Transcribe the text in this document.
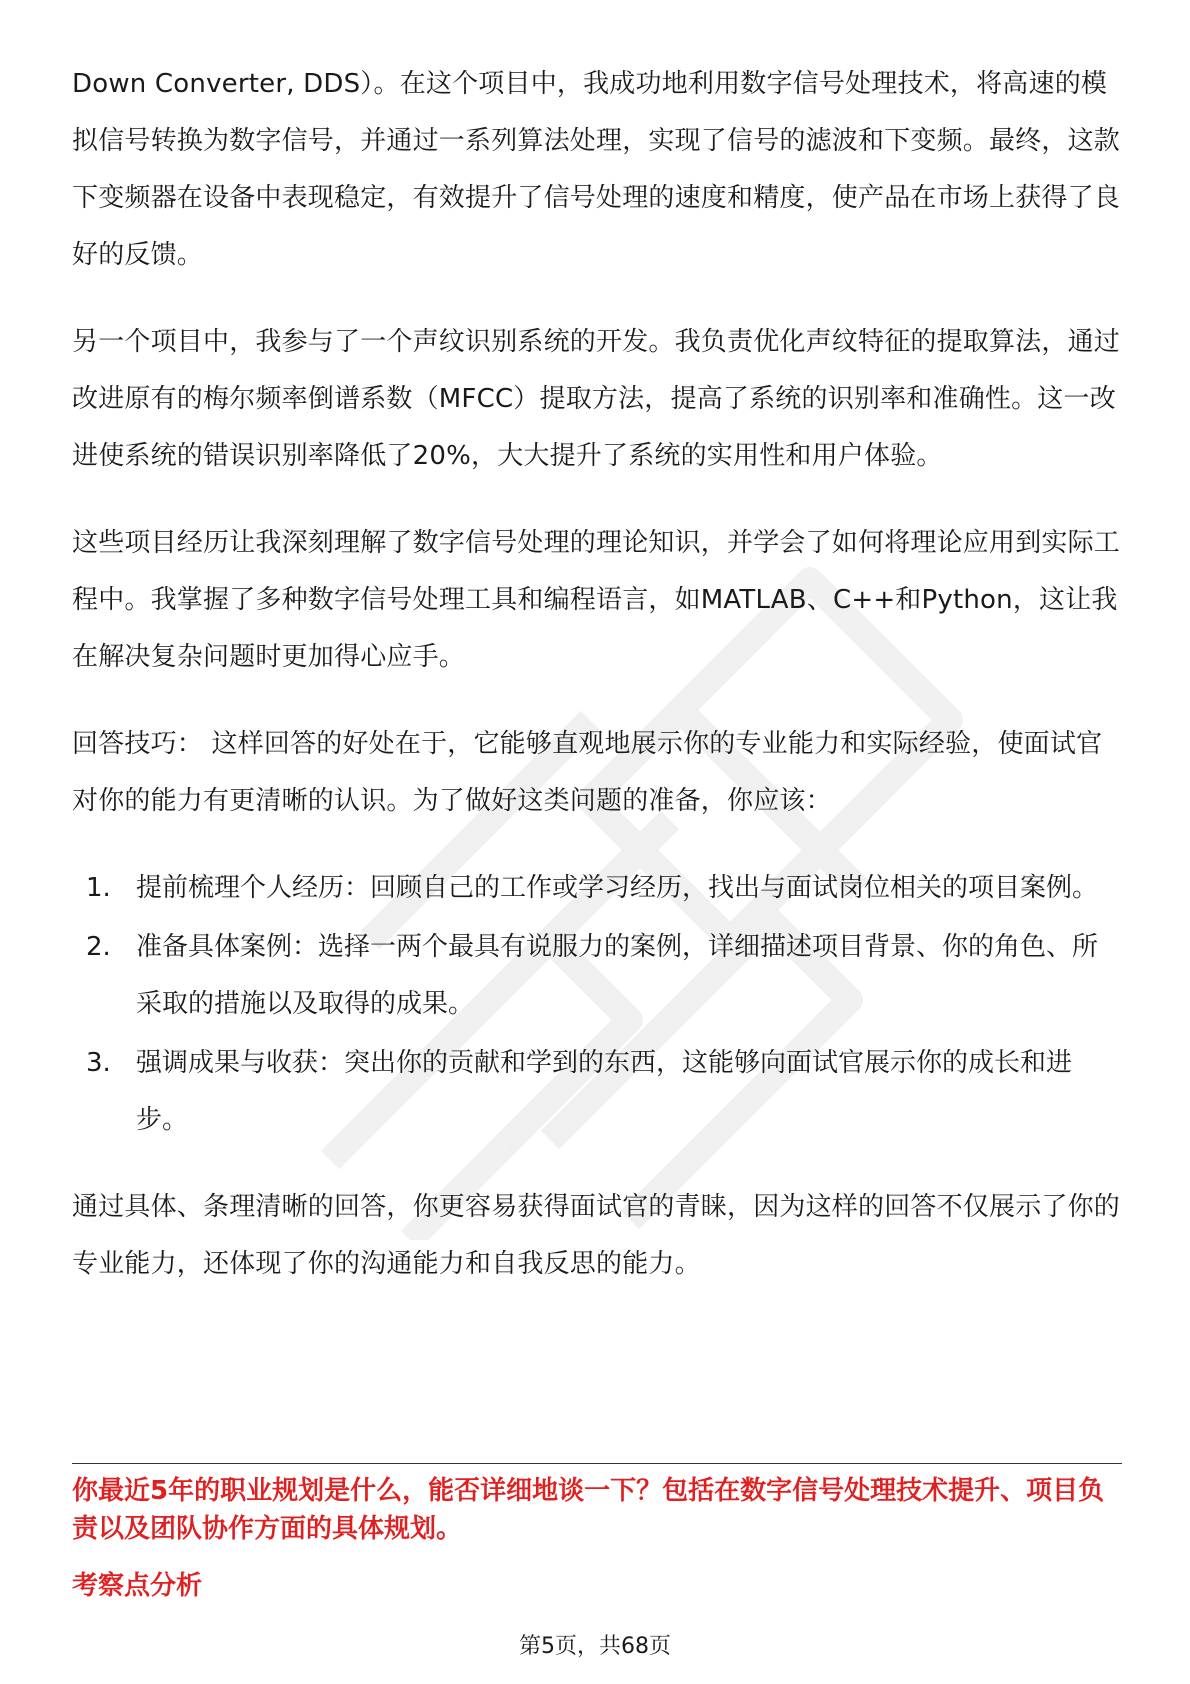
Down Converter, DDS）。在这个项目中，我成功地利用数字信号处理技术，将高速的模拟信号转换为数字信号，并通过一系列算法处理，实现了信号的滤波和下变频。最终，这款下变频器在设备中表现稳定，有效提升了信号处理的速度和精度，使产品在市场上获得了良好的反馈。

另一个项目中，我参与了一个声纹识别系统的开发。我负责优化声纹特征的提取算法，通过改进原有的梅尔频率倒谱系数（MFCC）提取方法，提高了系统的识别率和准确性。这一改进使系统的错误识别率降低了20%，大大提升了系统的实用性和用户体验。

这些项目经历让我深刻理解了数字信号处理的理论知识，并学会了如何将理论应用到实际工程中。我掌握了多种数字信号处理工具和编程语言，如MATLAB、C++和Python，这让我在解决复杂问题时更加得心应手。

回答技巧： 这样回答的好处在于，它能够直观地展示你的专业能力和实际经验，使面试官对你的能力有更清晰的认识。为了做好这类问题的准备，你应该：

1. 提前梳理个人经历：回顾自己的工作或学习经历，找出与面试岗位相关的项目案例。
2. 准备具体案例：选择一两个最具有说服力的案例，详细描述项目背景、你的角色、所采取的措施以及取得的成果。
3. 强调成果与收获：突出你的贡献和学到的东西，这能够向面试官展示你的成长和进步。

通过具体、条理清晰的回答，你更容易获得面试官的青睐，因为这样的回答不仅展示了你的专业能力，还体现了你的沟通能力和自我反思的能力。

你最近5年的职业规划是什么，能否详细地谈一下？包括在数字信号处理技术提升、项目负责以及团队协作方面的具体规划。
考察点分析
第5页，共68页
